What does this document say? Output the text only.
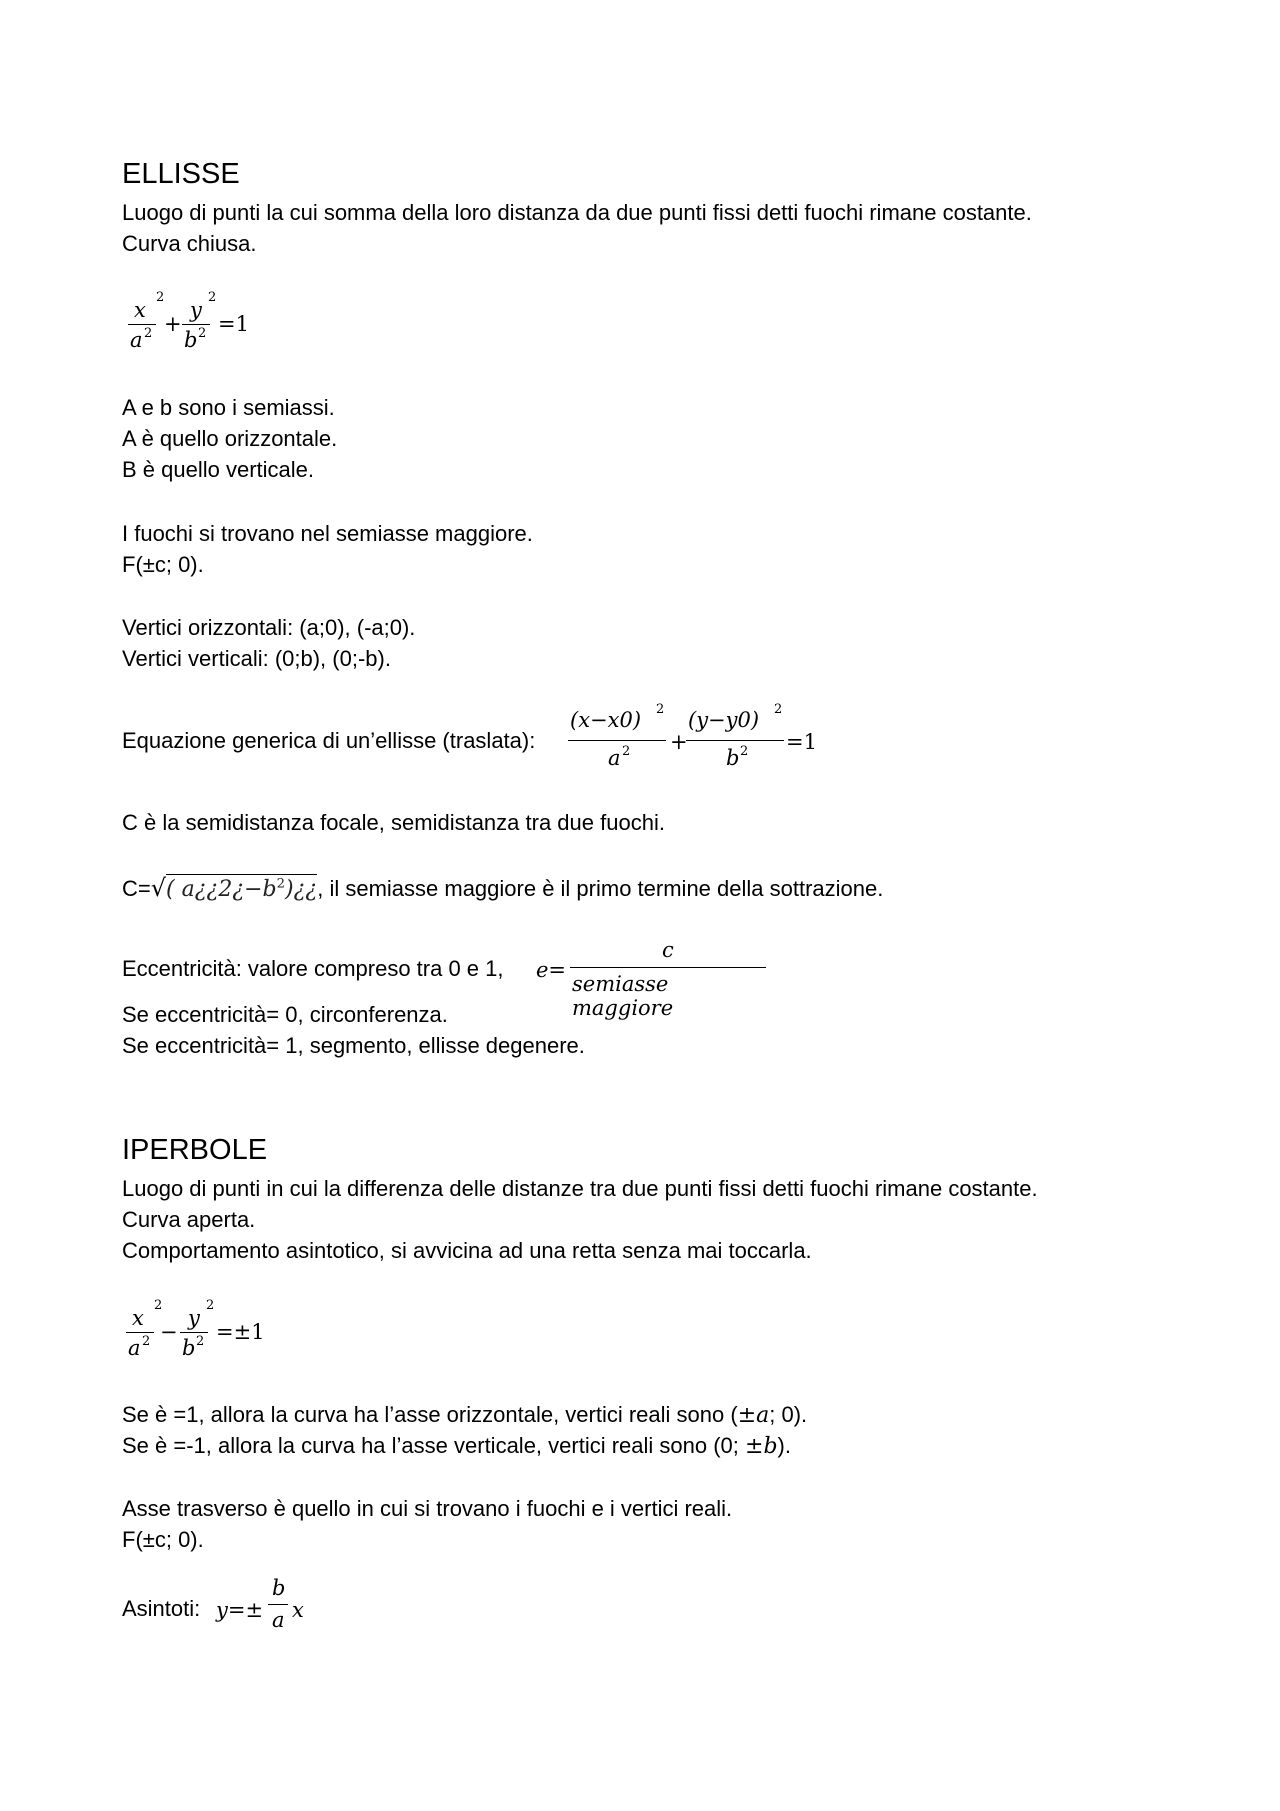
ELLISSE
Luogo di punti la cui somma della loro distanza da due punti fissi detti fuochi rimane costante.
Curva chiusa.
x
2
a 2 +
y
2
b 2 =1
A e b sono i semiassi.
A è quello orizzontale.
B è quello verticale.
I fuochi si trovano nel semiasse maggiore.
F(±c; 0).
Vertici orizzontali: (a;0), (-a;0).
Vertici verticali: (0;b), (0;-b).
Equazione generica di un’ellisse (traslata):
(x−x0) 2
a 2 +
(y−y0) 2
b 2 =1
C è la semidistanza focale, semidistanza tra due fuochi.
C=√( $a¿¿2¿-b^2)¿¿$, il semiasse maggiore è il primo termine della sottrazione.
Eccentricità: valore compreso tra 0 e 1, e=
c
semiasse maggiore
Se eccentricità= 0, circonferenza.
Se eccentricità= 1, segmento, ellisse degenere.
IPERBOLE
Luogo di punti in cui la differenza delle distanze tra due punti fissi detti fuochi rimane costante.
Curva aperta.
Comportamento asintotico, si avvicina ad una retta senza mai toccarla.
x
2
a 2 −
y
2
b 2 =±1
Se è =1, allora la curva ha l’asse orizzontale, vertici reali sono (±a; 0).
Se è =-1, allora la curva ha l’asse verticale, vertici reali sono (0; ±b).
Asse trasverso è quello in cui si trovano i fuochi e i vertici reali.
F(±c; 0).
Asintoti: y=±
b
a x
